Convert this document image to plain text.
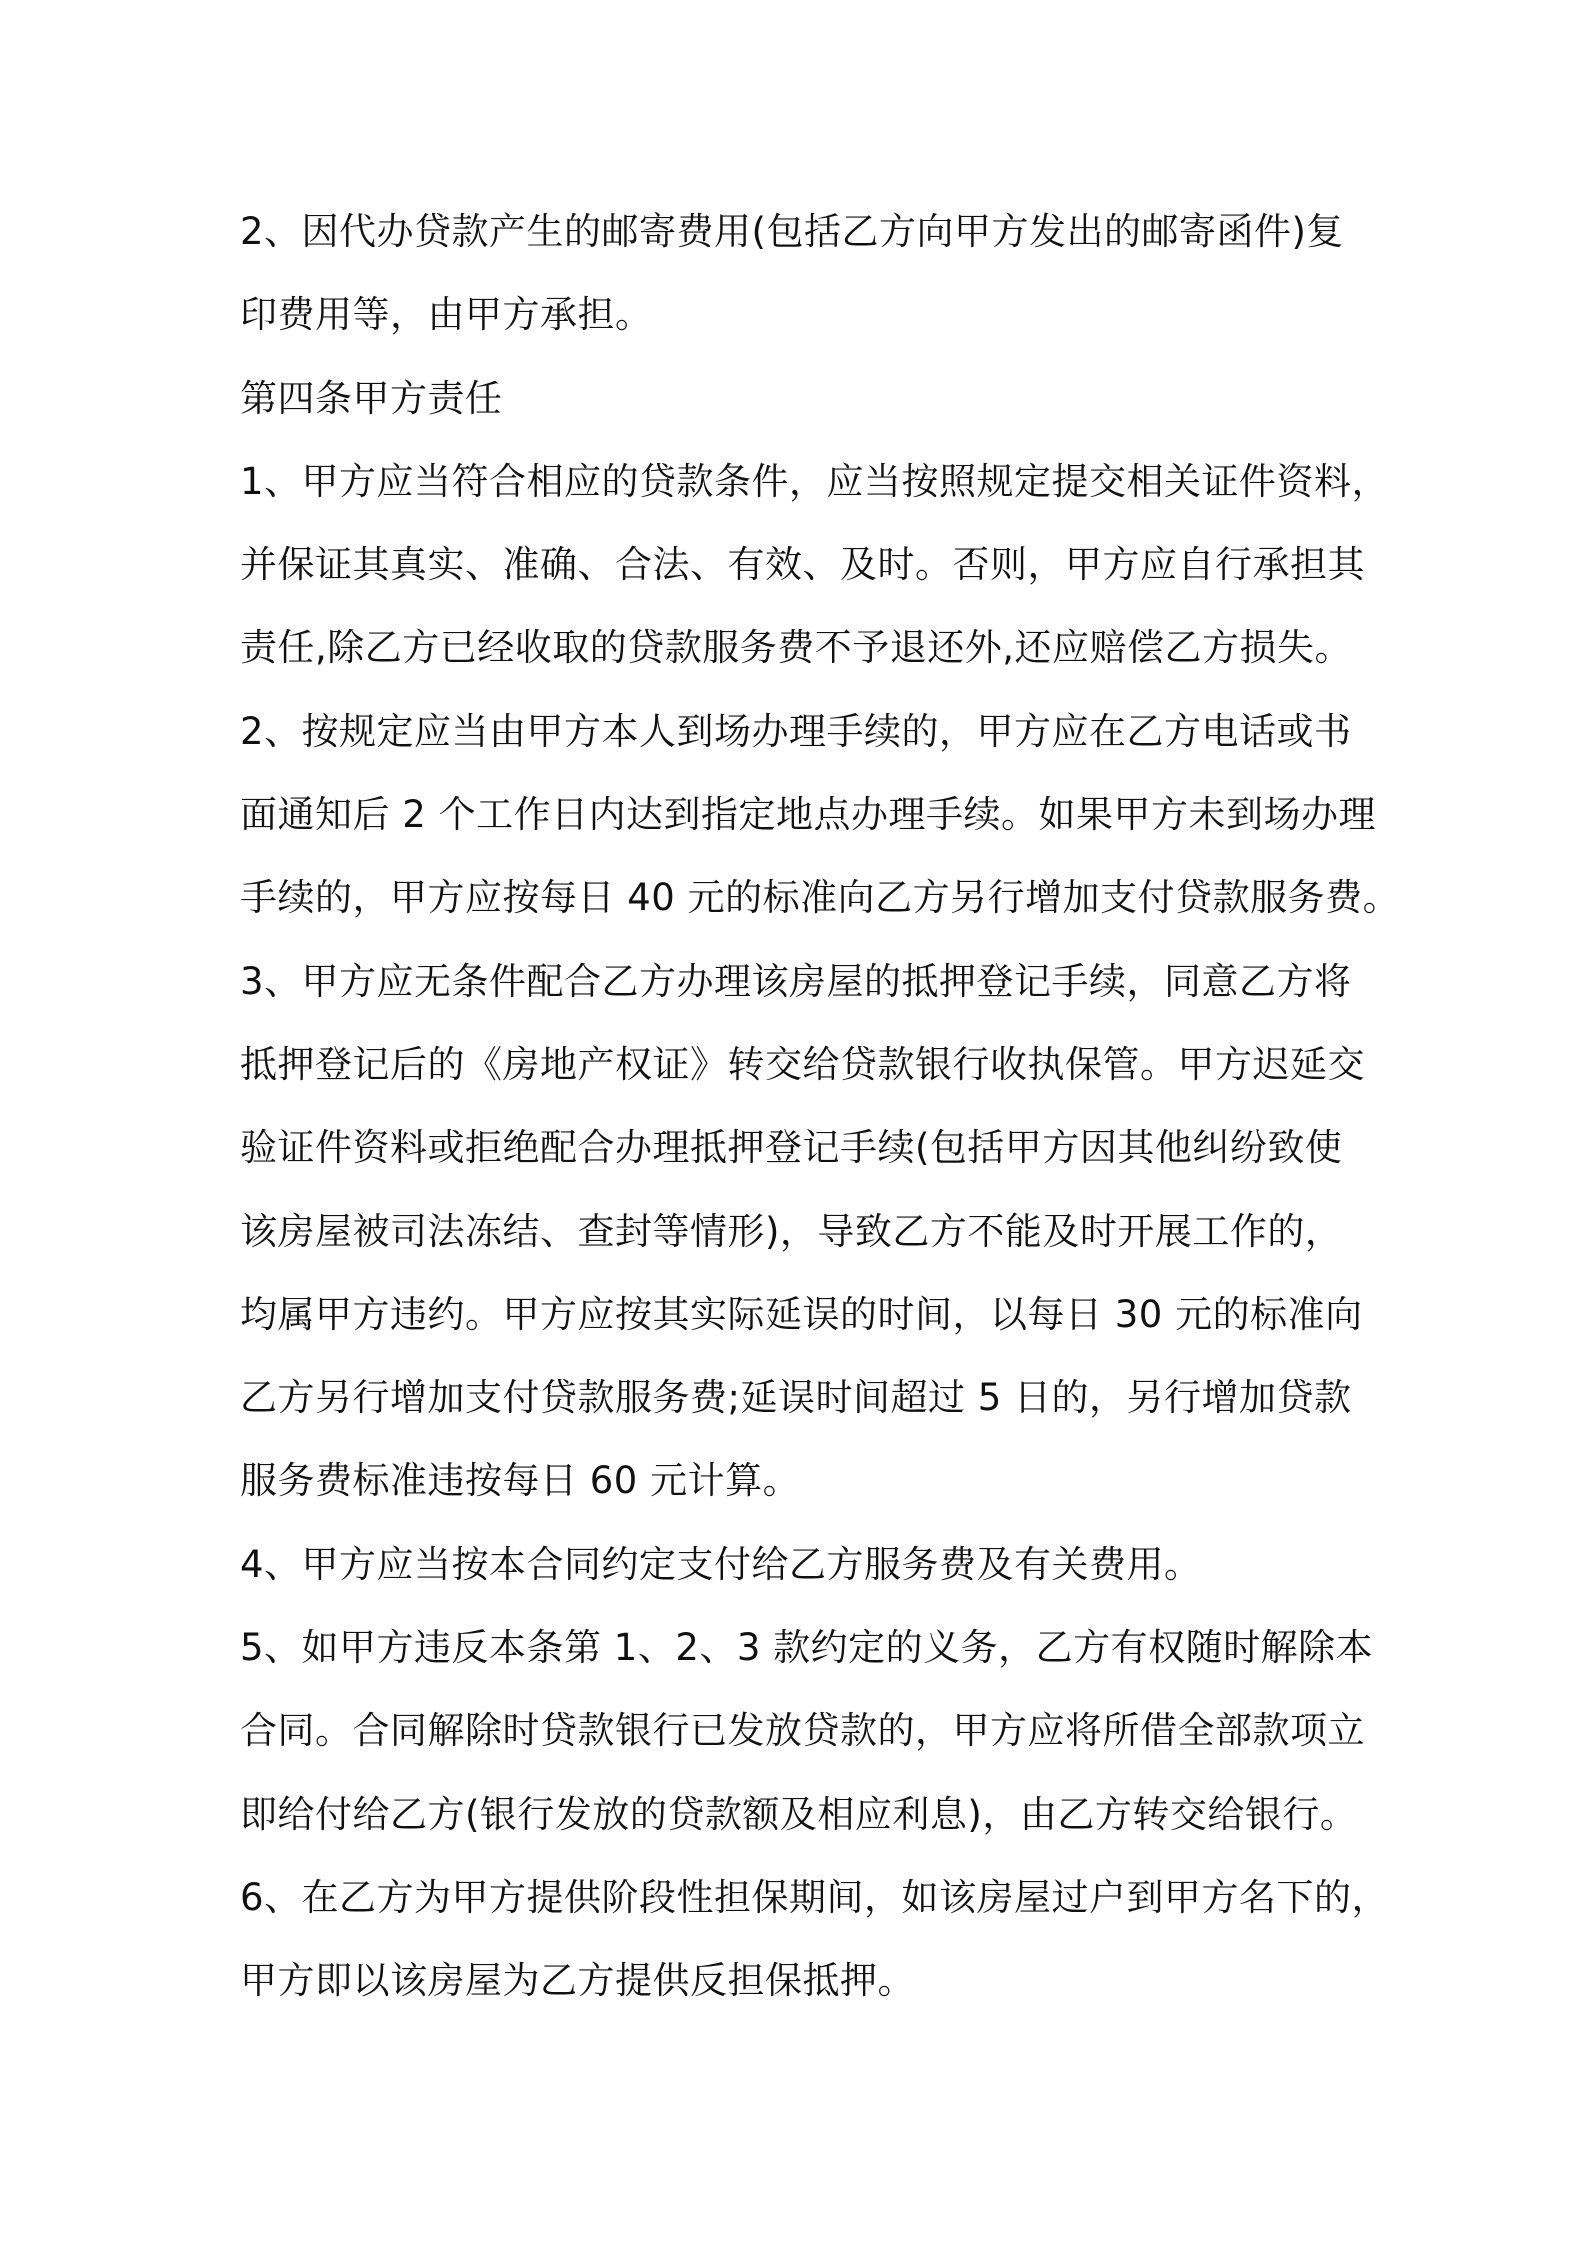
2、因代办贷款产生的邮寄费用(包括乙方向甲方发出的邮寄函件)复
印费用等，由甲方承担。
第四条甲方责任
1、甲方应当符合相应的贷款条件，应当按照规定提交相关证件资料，
并保证其真实、准确、合法、有效、及时。否则，甲方应自行承担其
责任,除乙方已经收取的贷款服务费不予退还外,还应赔偿乙方损失。
2、按规定应当由甲方本人到场办理手续的，甲方应在乙方电话或书
面通知后 2 个工作日内达到指定地点办理手续。如果甲方未到场办理
手续的，甲方应按每日 40 元的标准向乙方另行增加支付贷款服务费。
3、甲方应无条件配合乙方办理该房屋的抵押登记手续，同意乙方将
抵押登记后的《房地产权证》转交给贷款银行收执保管。甲方迟延交
验证件资料或拒绝配合办理抵押登记手续(包括甲方因其他纠纷致使
该房屋被司法冻结、查封等情形)，导致乙方不能及时开展工作的，
均属甲方违约。甲方应按其实际延误的时间，以每日 30 元的标准向
乙方另行增加支付贷款服务费;延误时间超过 5 日的，另行增加贷款
服务费标准违按每日 60 元计算。
4、甲方应当按本合同约定支付给乙方服务费及有关费用。
5、如甲方违反本条第 1、2、3 款约定的义务，乙方有权随时解除本
合同。合同解除时贷款银行已发放贷款的，甲方应将所借全部款项立
即给付给乙方(银行发放的贷款额及相应利息)，由乙方转交给银行。
6、在乙方为甲方提供阶段性担保期间，如该房屋过户到甲方名下的，
甲方即以该房屋为乙方提供反担保抵押。
